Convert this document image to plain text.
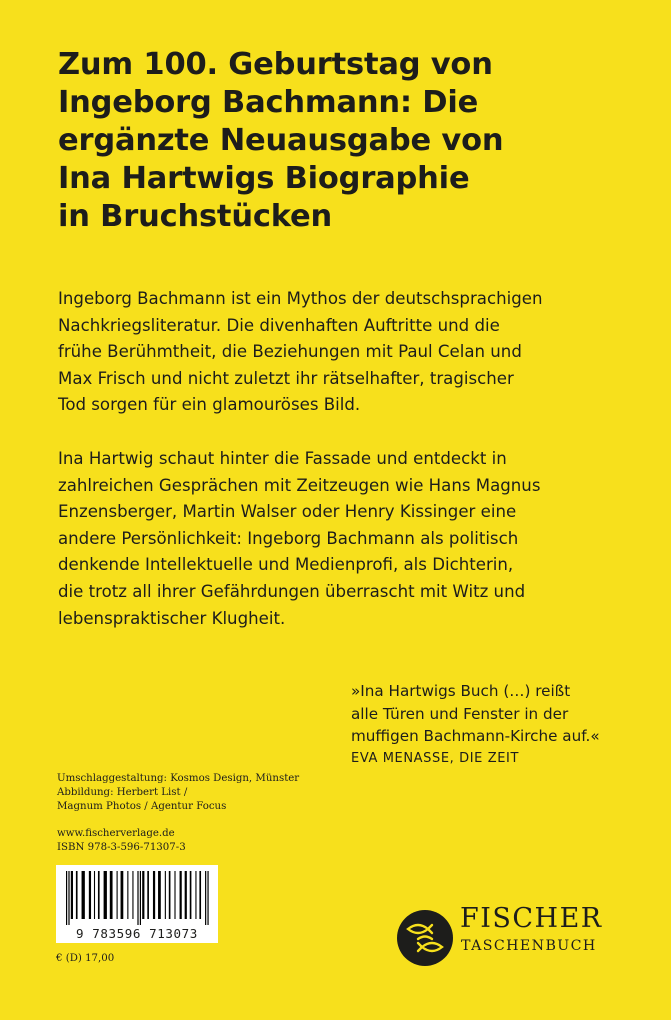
Zum 100. Geburtstag von
Ingeborg Bachmann: Die
ergänzte Neuausgabe von
Ina Hartwigs Biographie
in Bruchstücken

Ingeborg Bachmann ist ein Mythos der deutschsprachigen
Nachkriegsliteratur. Die divenhaften Auftritte und die
frühe Berühmtheit, die Beziehungen mit Paul Celan und
Max Frisch und nicht zuletzt ihr rätselhafter, tragischer
Tod sorgen für ein glamouröses Bild.

Ina Hartwig schaut hinter die Fassade und entdeckt in
zahlreichen Gesprächen mit Zeitzeugen wie Hans Magnus
Enzensberger, Martin Walser oder Henry Kissinger eine
andere Persönlichkeit: Ingeborg Bachmann als politisch
denkende Intellektuelle und Medienprofi, als Dichterin,
die trotz all ihrer Gefährdungen überrascht mit Witz und
lebenspraktischer Klugheit.

»Ina Hartwigs Buch (…) reißt
alle Türen und Fenster in der
muffigen Bachmann-Kirche auf.«
EVA MENASSE, DIE ZEIT
Umschlaggestaltung: Kosmos Design, Münster
Abbildung: Herbert List /
Magnum Photos / Agentur Focus
www.fischerverlage.de
ISBN 978-3-596-71307-3
9 783596 713073
€ (D) 17,00
FISCHER
TASCHENBUCH
